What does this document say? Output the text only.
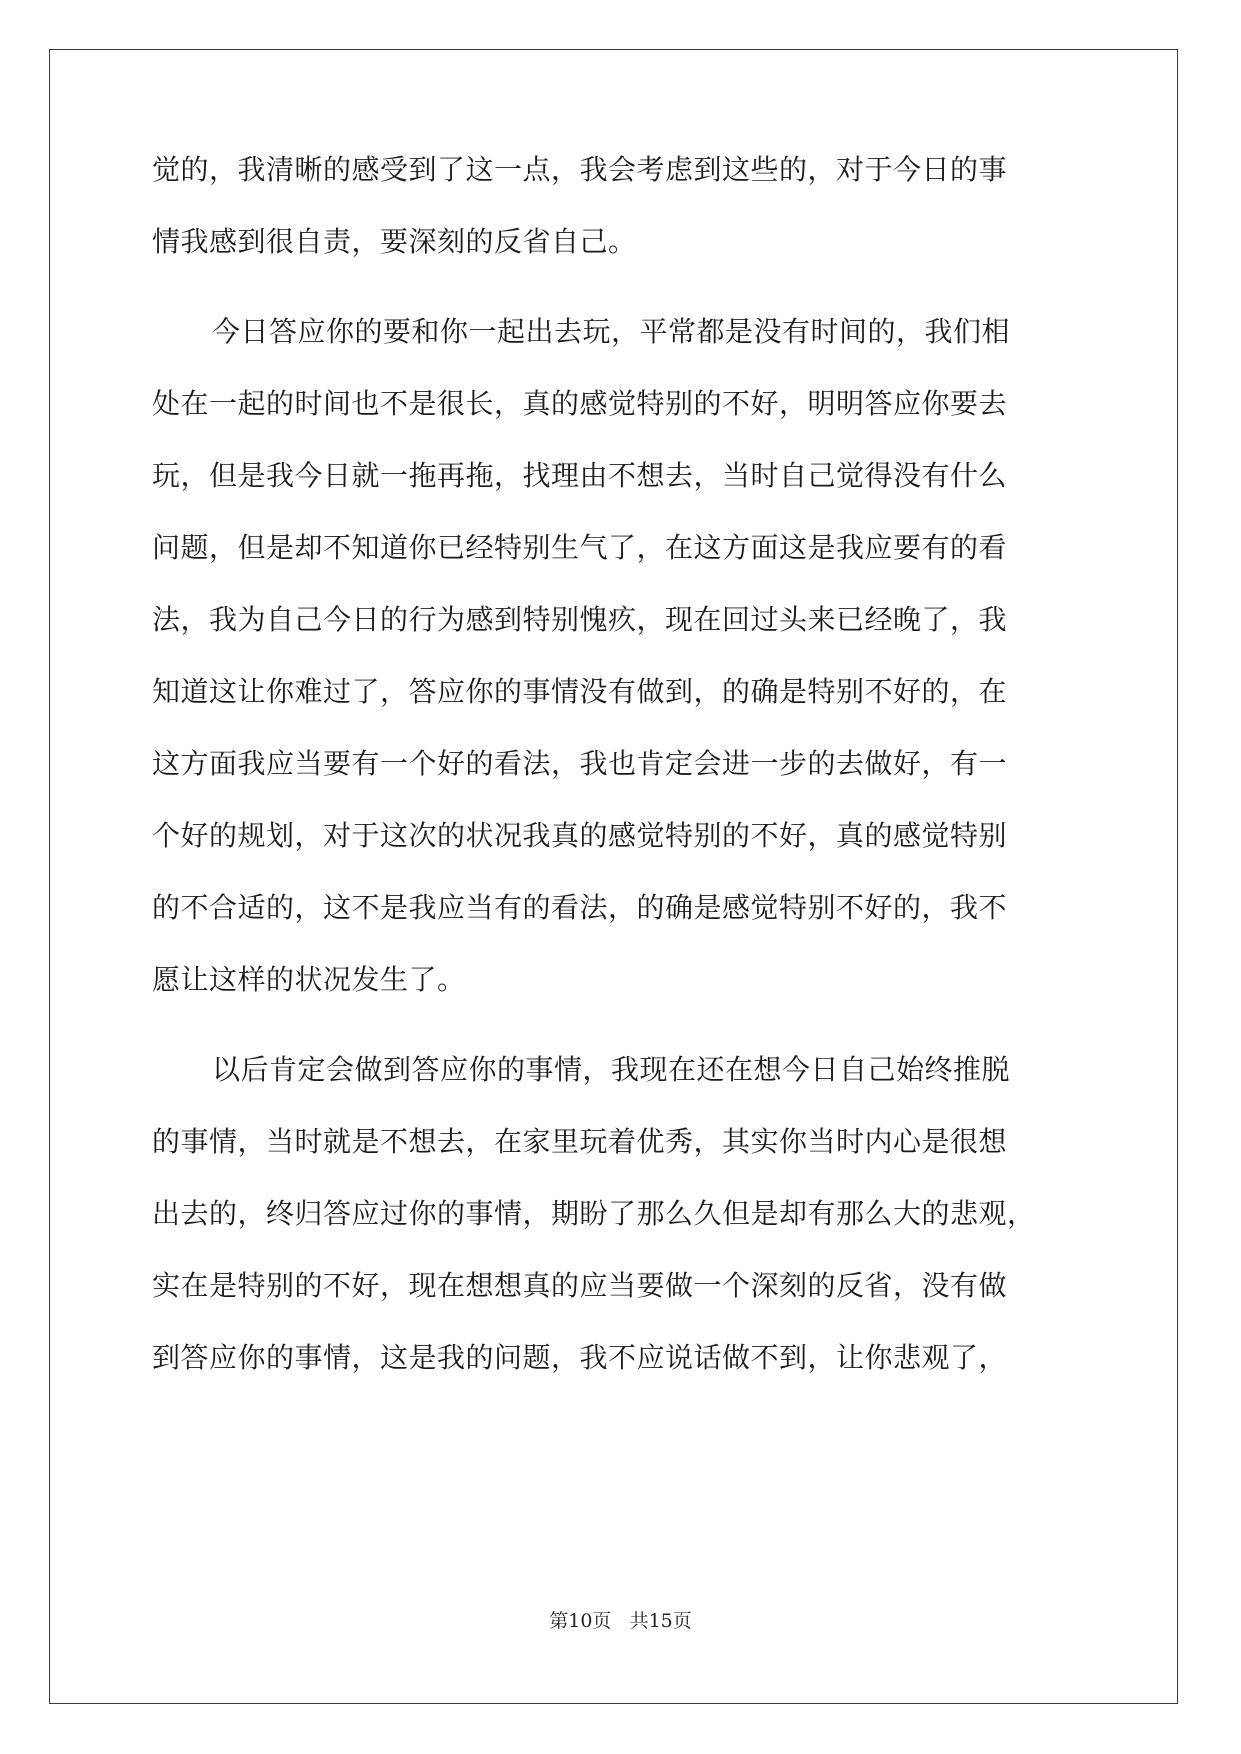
觉的，我清晰的感受到了这一点，我会考虑到这些的，对于今日的事
情我感到很自责，要深刻的反省自己。
今日答应你的要和你一起出去玩，平常都是没有时间的，我们相
处在一起的时间也不是很长，真的感觉特别的不好，明明答应你要去
玩，但是我今日就一拖再拖，找理由不想去，当时自己觉得没有什么
问题，但是却不知道你已经特别生气了，在这方面这是我应要有的看
法，我为自己今日的行为感到特别愧疚，现在回过头来已经晚了，我
知道这让你难过了，答应你的事情没有做到，的确是特别不好的，在
这方面我应当要有一个好的看法，我也肯定会进一步的去做好，有一
个好的规划，对于这次的状况我真的感觉特别的不好，真的感觉特别
的不合适的，这不是我应当有的看法，的确是感觉特别不好的，我不
愿让这样的状况发生了。
以后肯定会做到答应你的事情，我现在还在想今日自己始终推脱
的事情，当时就是不想去，在家里玩着优秀，其实你当时内心是很想
出去的，终归答应过你的事情，期盼了那么久但是却有那么大的悲观，
实在是特别的不好，现在想想真的应当要做一个深刻的反省，没有做
到答应你的事情，这是我的问题，我不应说话做不到，让你悲观了，
第10页 共15页
